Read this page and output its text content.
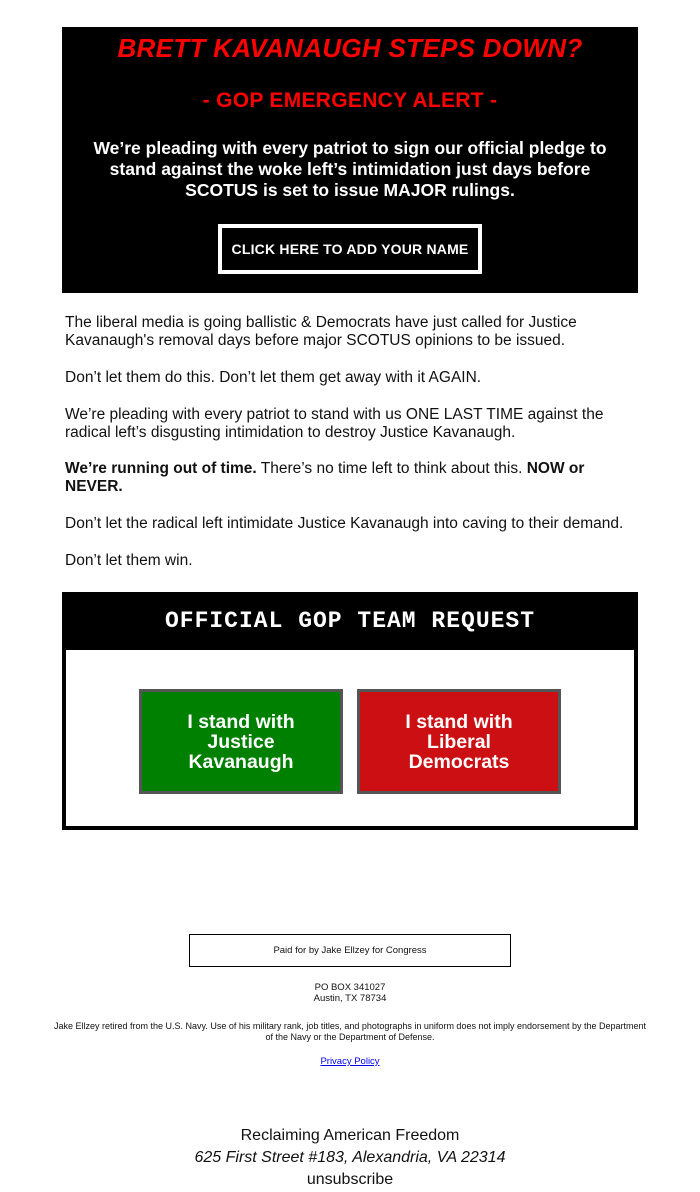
BRETT KAVANAUGH STEPS DOWN?
- GOP EMERGENCY ALERT -
We’re pleading with every patriot to sign our official pledge to stand against the woke left’s intimidation just days before SCOTUS is set to issue MAJOR rulings.
CLICK HERE TO ADD YOUR NAME

The liberal media is going ballistic & Democrats have just called for Justice Kavanaugh's removal days before major SCOTUS opinions to be issued.

Don’t let them do this. Don’t let them get away with it AGAIN.

We’re pleading with every patriot to stand with us ONE LAST TIME against the radical left’s disgusting intimidation to destroy Justice Kavanaugh.

We’re running out of time. There’s no time left to think about this. NOW or NEVER.

Don’t let the radical left intimidate Justice Kavanaugh into caving to their demand.

Don’t let them win.

OFFICIAL GOP TEAM REQUEST
I stand with Justice Kavanaugh
I stand with Liberal Democrats
Paid for by Jake Ellzey for Congress
PO BOX 341027
Austin, TX 78734
Jake Ellzey retired from the U.S. Navy. Use of his military rank, job titles, and photographs in uniform does not imply endorsement by the Department of the Navy or the Department of Defense.
Privacy Policy
Reclaiming American Freedom
625 First Street #183, Alexandria, VA 22314
unsubscribe
